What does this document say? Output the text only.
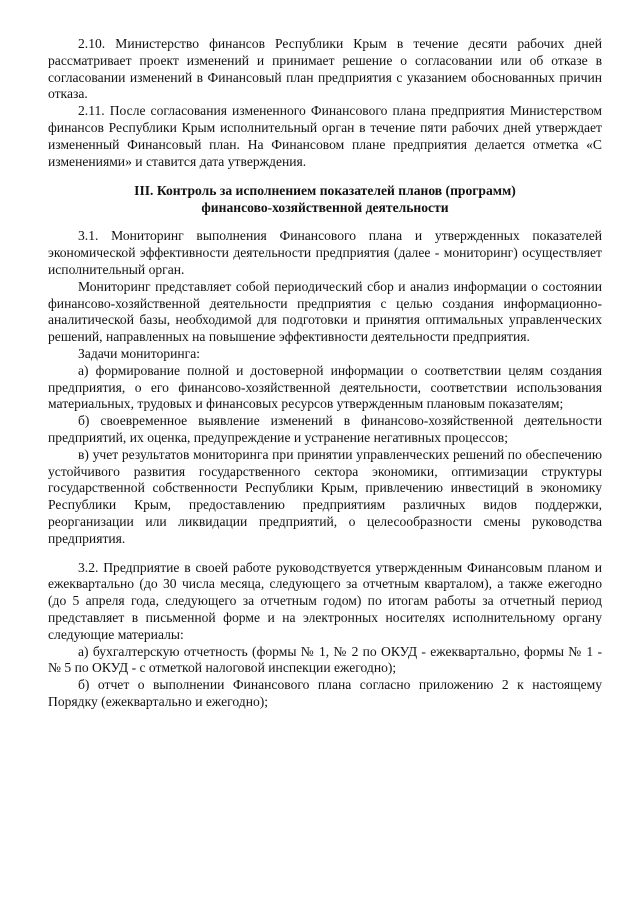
2.10. Министерство финансов Республики Крым в течение десяти рабочих дней рассматривает проект изменений и принимает решение о согласовании или об отказе в согласовании изменений в Финансовый план предприятия с указанием обоснованных причин отказа.

2.11. После согласования измененного Финансового плана предприятия Министерством финансов Республики Крым исполнительный орган в течение пяти рабочих дней утверждает измененный Финансовый план. На Финансовом плане предприятия делается отметка «С изменениями» и ставится дата утверждения.

III. Контроль за исполнением показателей планов (программ)
финансово-хозяйственной деятельности

3.1. Мониторинг выполнения Финансового плана и утвержденных показателей экономической эффективности деятельности предприятия (далее - мониторинг) осуществляет исполнительный орган.

Мониторинг представляет собой периодический сбор и анализ информации о состоянии финансово-хозяйственной деятельности предприятия с целью создания информационно-аналитической базы, необходимой для подготовки и принятия оптимальных управленческих решений, направленных на повышение эффективности деятельности предприятия.

Задачи мониторинга:

а) формирование полной и достоверной информации о соответствии целям создания предприятия, о его финансово-хозяйственной деятельности, соответствии использования материальных, трудовых и финансовых ресурсов утвержденным плановым показателям;

б) своевременное выявление изменений в финансово-хозяйственной деятельности предприятий, их оценка, предупреждение и устранение негативных процессов;

в) учет результатов мониторинга при принятии управленческих решений по обеспечению устойчивого развития государственного сектора экономики, оптимизации структуры государственной собственности Республики Крым, привлечению инвестиций в экономику Республики Крым, предоставлению предприятиям различных видов поддержки, реорганизации или ликвидации предприятий, о целесообразности смены руководства предприятия.

3.2. Предприятие в своей работе руководствуется утвержденным Финансовым планом и ежеквартально (до 30 числа месяца, следующего за отчетным кварталом), а также ежегодно (до 5 апреля года, следующего за отчетным годом) по итогам работы за отчетный период представляет в письменной форме и на электронных носителях исполнительному органу следующие материалы:

а) бухгалтерскую отчетность (формы № 1, № 2 по ОКУД - ежеквартально, формы № 1 - № 5 по ОКУД - с отметкой налоговой инспекции ежегодно);

б) отчет о выполнении Финансового плана согласно приложению 2 к настоящему Порядку (ежеквартально и ежегодно);
